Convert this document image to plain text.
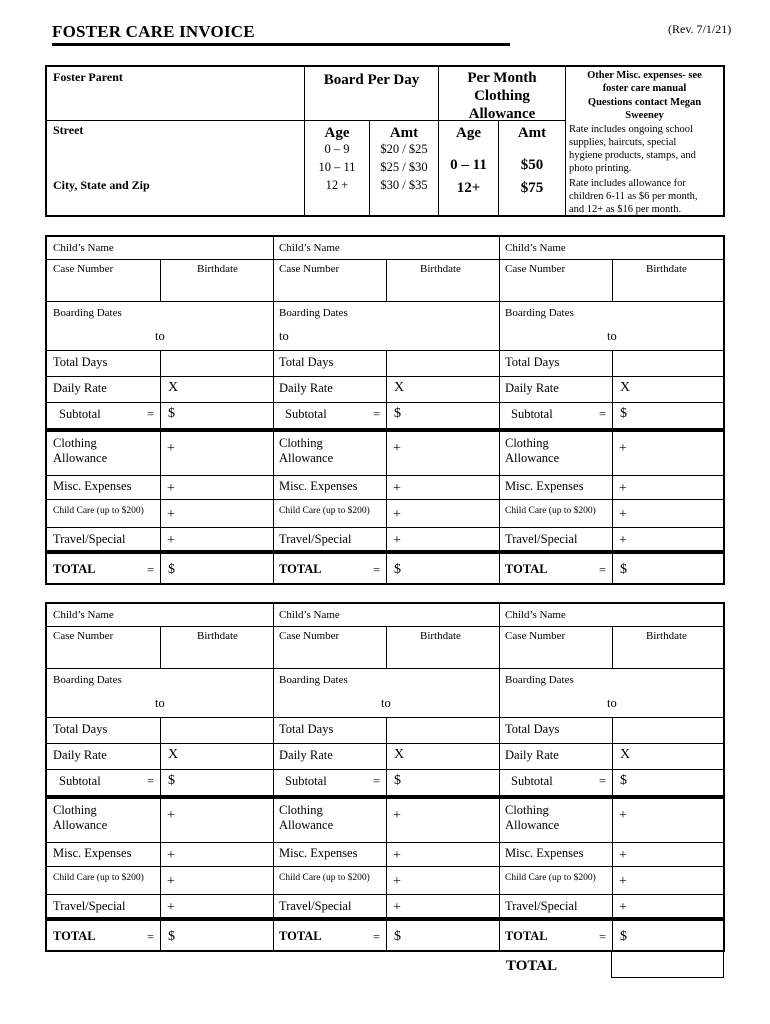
FOSTER CARE INVOICE	(Rev. 7/1/21)
Foster Parent
Street
City, State and Zip
Board Per Day
Age	Amt
0 – 9	$20 / $25
10 – 11	$25 / $30
12 +	$30 / $35
Per Month
Clothing
Allowance
Age	Amt
0 – 11	$50
12+	$75
Other Misc. expenses- see
foster care manual
Questions contact Megan
Sweeney
Rate includes ongoing school
supplies, haircuts, special
hygiene products, stamps, and
photo printing.
Rate includes allowance for
children 6-11 as $6 per month,
and 12+ as $16 per month.
Child’s Name
Case Number	Birthdate
Boarding Dates
to
Total Days
Daily Rate	X
Subtotal	= $
Clothing
Allowance
+
Misc. Expenses	+
Child Care (up to $200) +
Travel/Special	+
TOTAL	= $
Child’s Name
Case Number	Birthdate
Boarding Dates
to
Total Days
Daily Rate	X
Subtotal	= $
Clothing
Allowance
+
Misc. Expenses	+
Child Care (up to $200) +
Travel/Special	+
TOTAL	= $
Child’s Name
Case Number	Birthdate
Boarding Dates
to
Total Days
Daily Rate	X
Subtotal	= $
Clothing
Allowance
+
Misc. Expenses	+
Child Care (up to $200) +
Travel/Special	+
TOTAL	= $
Child’s Name
Case Number	Birthdate
Boarding Dates
to
Total Days
Daily Rate	X
Subtotal	= $
Clothing
Allowance
+
Misc. Expenses	+
Child Care (up to $200) +
Travel/Special	+
TOTAL	= $
Child’s Name
Case Number	Birthdate
Boarding Dates
to
Total Days
Daily Rate	X
Subtotal	= $
Clothing
Allowance
+
Misc. Expenses	+
Child Care (up to $200) +
Travel/Special	+
TOTAL	= $
Child’s Name
Case Number	Birthdate
Boarding Dates
to
Total Days
Daily Rate	X
Subtotal	= $
Clothing
Allowance
+
Misc. Expenses	+
Child Care (up to $200) +
Travel/Special	+
TOTAL	= $
TOTAL
